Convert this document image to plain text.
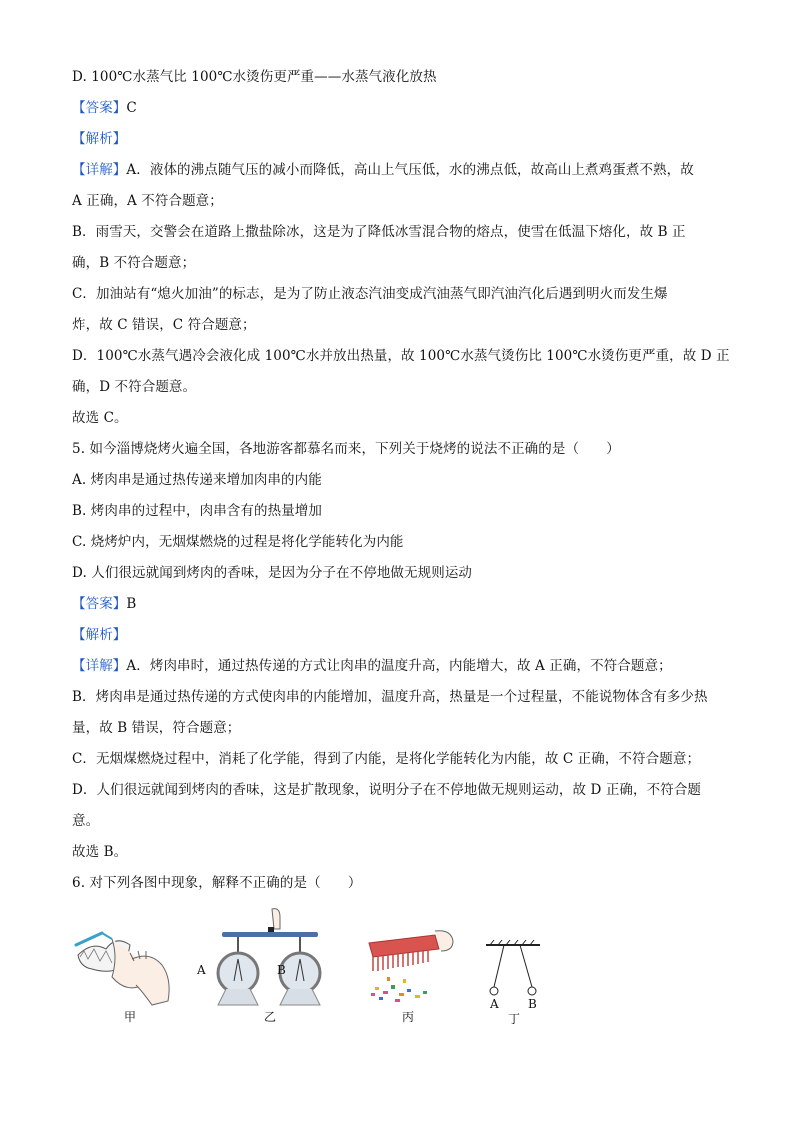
D. 100℃水蒸气比 100℃水烫伤更严重——水蒸气液化放热
【答案】C
【解析】
【详解】A．液体的沸点随气压的减小而降低，高山上气压低，水的沸点低，故高山上煮鸡蛋煮不熟，故
A 正确，A 不符合题意；
B．雨雪天，交警会在道路上撒盐除冰，这是为了降低冰雪混合物的熔点，使雪在低温下熔化，故 B 正
确，B 不符合题意；
C．加油站有“熄火加油”的标志，是为了防止液态汽油变成汽油蒸气即汽油汽化后遇到明火而发生爆
炸，故 C 错误，C 符合题意；
D．100℃水蒸气遇冷会液化成 100℃水并放出热量，故 100℃水蒸气烫伤比 100℃水烫伤更严重，故 D 正
确，D 不符合题意。
故选 C。
5. 如今淄博烧烤火遍全国，各地游客都慕名而来，下列关于烧烤的说法不正确的是（　　）
A. 烤肉串是通过热传递来增加肉串的内能
B. 烤肉串的过程中，肉串含有的热量增加
C. 烧烤炉内，无烟煤燃烧的过程是将化学能转化为内能
D. 人们很远就闻到烤肉的香味，是因为分子在不停地做无规则运动
【答案】B
【解析】
【详解】A．烤肉串时，通过热传递的方式让肉串的温度升高，内能增大，故 A 正确，不符合题意；
B．烤肉串是通过热传递的方式使肉串的内能增加，温度升高，热量是一个过程量，不能说物体含有多少热
量，故 B 错误，符合题意；
C．无烟煤燃烧过程中，消耗了化学能，得到了内能，是将化学能转化为内能，故 C 正确，不符合题意；
D．人们很远就闻到烤肉的香味，这是扩散现象，说明分子在不停地做无规则运动，故 D 正确，不符合题
意。
故选 B。
6. 对下列各图中现象，解释不正确的是（　　）
甲
A	B
乙	丙
A B
丁
